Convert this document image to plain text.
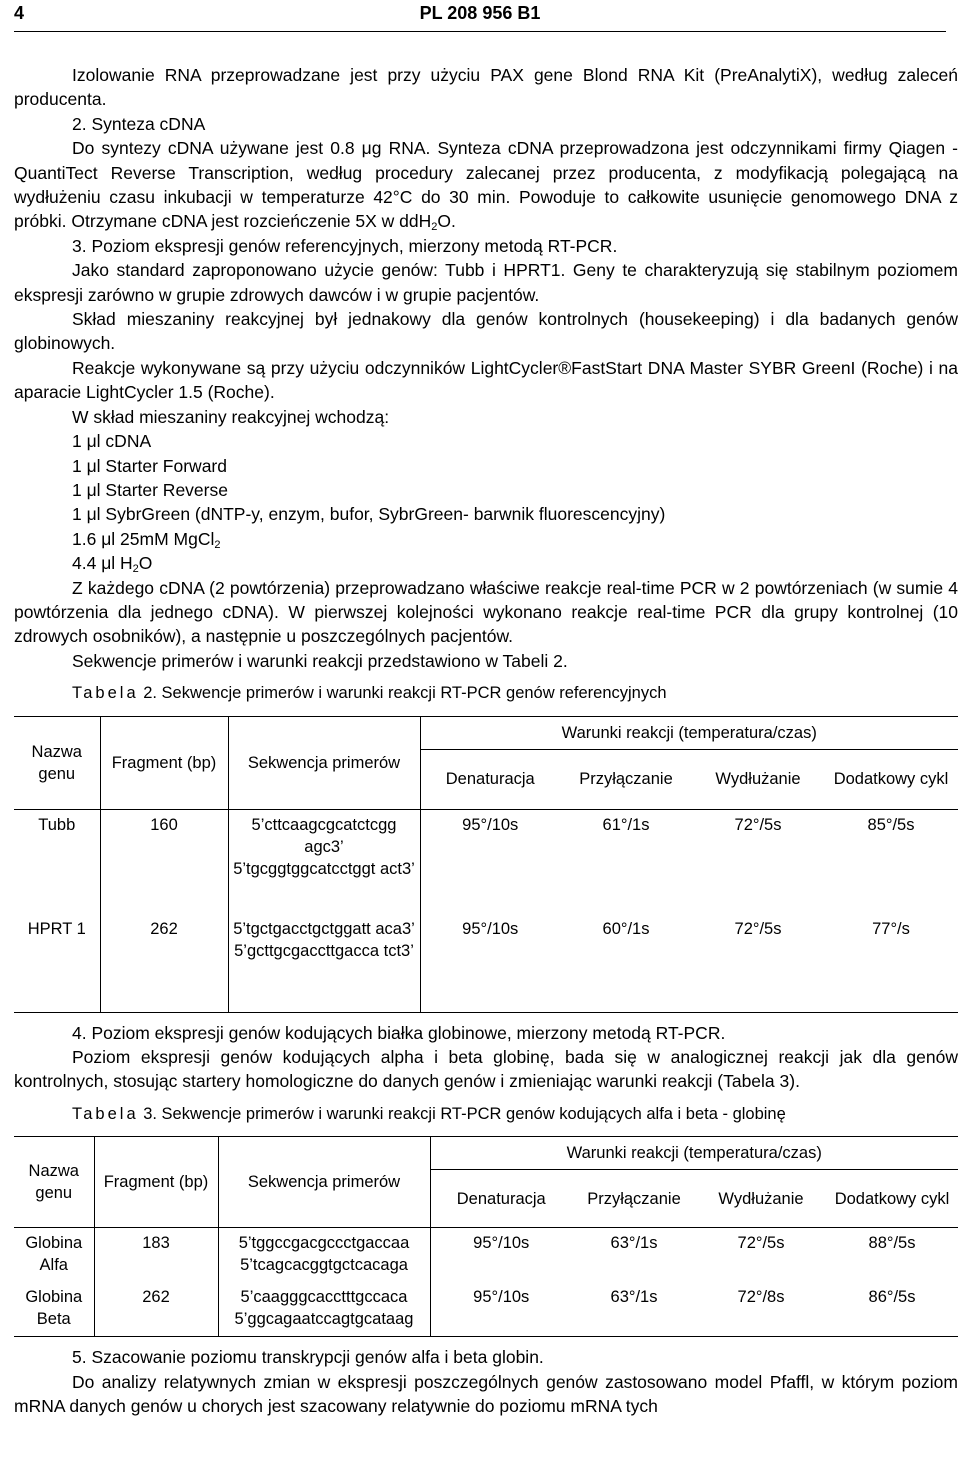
4	PL 208 956 B1

Izolowanie RNA przeprowadzane jest przy użyciu PAX gene Blond RNA Kit (PreAnalytiX), według zaleceń producenta.

2. Synteza cDNA

Do syntezy cDNA używane jest 0.8 μg RNA. Synteza cDNA przeprowadzona jest odczynnikami firmy Qiagen - QuantiTect Reverse Transcription, według procedury zalecanej przez producenta, z modyfikacją polegającą na wydłużeniu czasu inkubacji w temperaturze 42°C do 30 min. Powoduje to całkowite usunięcie genomowego DNA z próbki. Otrzymane cDNA jest rozcieńczenie 5X w ddH$_2$O.

3. Poziom ekspresji genów referencyjnych, mierzony metodą RT-PCR.

Jako standard zaproponowano użycie genów: Tubb i HPRT1. Geny te charakteryzują się stabilnym poziomem ekspresji zarówno w grupie zdrowych dawców i w grupie pacjentów.

Skład mieszaniny reakcyjnej był jednakowy dla genów kontrolnych (housekeeping) i dla badanych genów globinowych.

Reakcje wykonywane są przy użyciu odczynników LightCycler®FastStart DNA Master SYBR GreenI (Roche) i na aparacie LightCycler 1.5 (Roche).

W skład mieszaniny reakcyjnej wchodzą:

1 μl cDNA

1 μl Starter Forward

1 μl Starter Reverse

1 μl SybrGreen (dNTP-y, enzym, bufor, SybrGreen- barwnik fluorescencyjny)

1.6 μl 25mM MgCl$_2$

4.4 μl $H_2O$

Z każdego cDNA (2 powtórzenia) przeprowadzano właściwe reakcje real-time PCR w 2 powtórzeniach (w sumie 4 powtórzenia dla jednego cDNA). W pierwszej kolejności wykonano reakcje real-time PCR dla grupy kontrolnej (10 zdrowych osobników), a następnie u poszczególnych pacjentów.

Sekwencje primerów i warunki reakcji przedstawiono w Tabeli 2.

Tabela 2. Sekwencje primerów i warunki reakcji RT-PCR genów referencyjnych
Nazwa genu	Fragment (bp)	Sekwencja primerów	Warunki reakcji (temperatura/czas)			
			Denaturacja	Przyłączanie	Wydłużanie	Dodatkowy cykl
Tubb	160	5’cttcaagcgcatctcgg agc3’
5’tgcggtggcatcctggt act3’	95°/10s	61°/1s	72°/5s	85°/5s
HPRT 1	262	5’tgctgacctgctggatt aca3’
5’gcttgcgaccttgacca tct3’	95°/10s	60°/1s	72°/5s	77°/s

4. Poziom ekspresji genów kodujących białka globinowe, mierzony metodą RT-PCR.

Poziom ekspresji genów kodujących alpha i beta globinę, bada się w analogicznej reakcji jak dla genów kontrolnych, stosując startery homologiczne do danych genów i zmieniając warunki reakcji (Tabela 3).

Tabela 3. Sekwencje primerów i warunki reakcji RT-PCR genów kodujących alfa i beta - globinę
Nazwa genu	Fragment (bp)	Sekwencja primerów	Warunki reakcji (temperatura/czas)			
			Denaturacja	Przyłączanie	Wydłużanie	Dodatkowy cykl
Globina Alfa	183	5’tggccgacgccctgaccaa
5’tcagcacggtgctcacaga	95°/10s	63°/1s	72°/5s	88°/5s
Globina Beta	262	5’caagggcacctttgccaca
5’ggcagaatccagtgcataag	95°/10s	63°/1s	72°/8s	86°/5s

5. Szacowanie poziomu transkrypcji genów alfa i beta globin.

Do analizy relatywnych zmian w ekspresji poszczególnych genów zastosowano model Pfaffl, w którym poziom mRNA danych genów u chorych jest szacowany relatywnie do poziomu mRNA tych
